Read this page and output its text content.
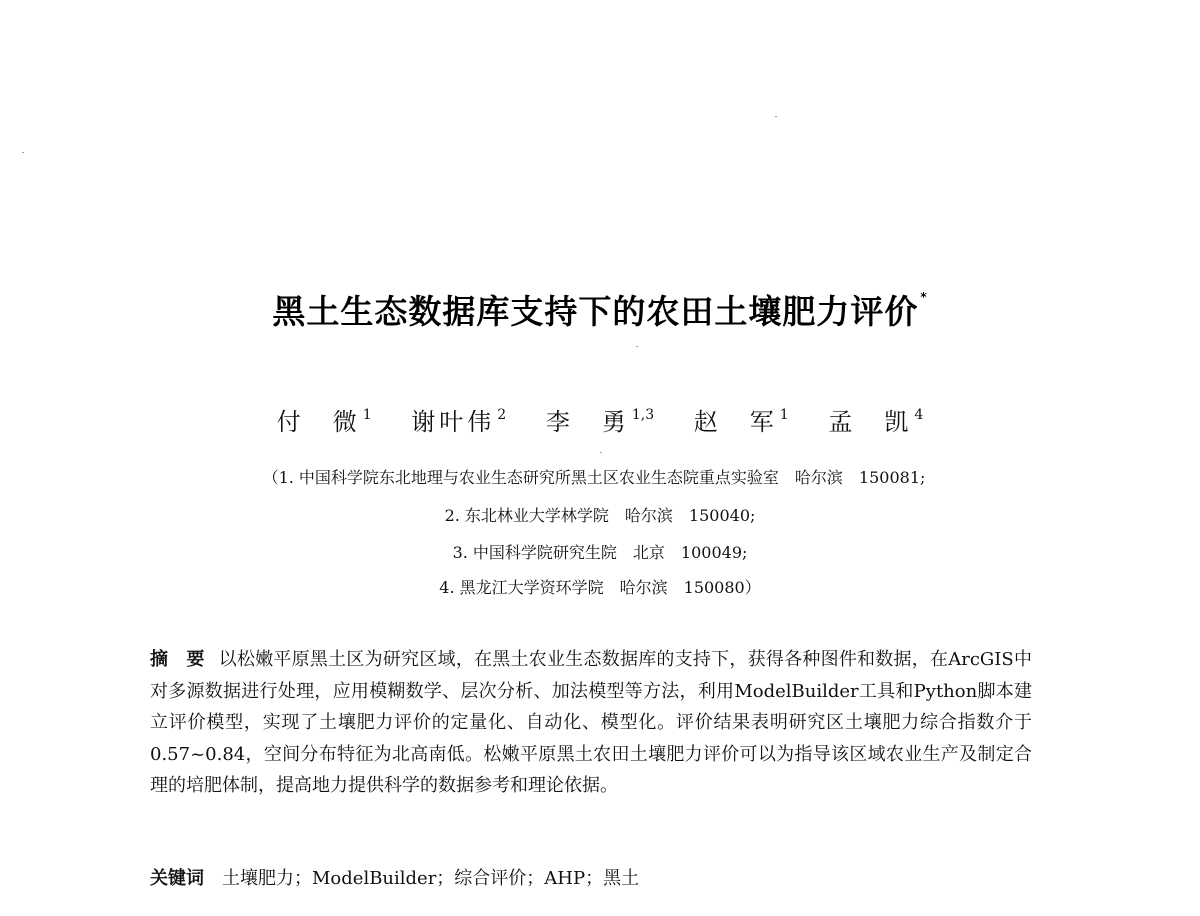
黑土生态数据库支持下的农田土壤肥力评价 *
付　微 $^1$ 谢叶伟 $^2$ 李　勇 $^{1,3}$ 赵　军 $^1$ 孟　凯 $^4$
（1. 中国科学院东北地理与农业生态研究所黑土区农业生态院重点实验室　哈尔滨　150081;
2. 东北林业大学林学院　哈尔滨　150040;
3. 中国科学院研究生院　北京　100049;
4. 黑龙江大学资环学院　哈尔滨　150080）
摘　要 以松嫩平原黑土区为研究区域，在黑土农业生态数据库的支持下，获得各种图件和数据，在ArcGIS中对多源数据进行处理，应用模糊数学、层次分析、加法模型等方法，利用ModelBuilder工具和Python脚本建立评价模型，实现了土壤肥力评价的定量化、自动化、模型化。评价结果表明研究区土壤肥力综合指数介于0.57~0.84，空间分布特征为北高南低。松嫩平原黑土农田土壤肥力评价可以为指导该区域农业生产及制定合理的培肥体制，提高地力提供科学的数据参考和理论依据。
关键词 土壤肥力；ModelBuilder；综合评价；AHP；黑土
